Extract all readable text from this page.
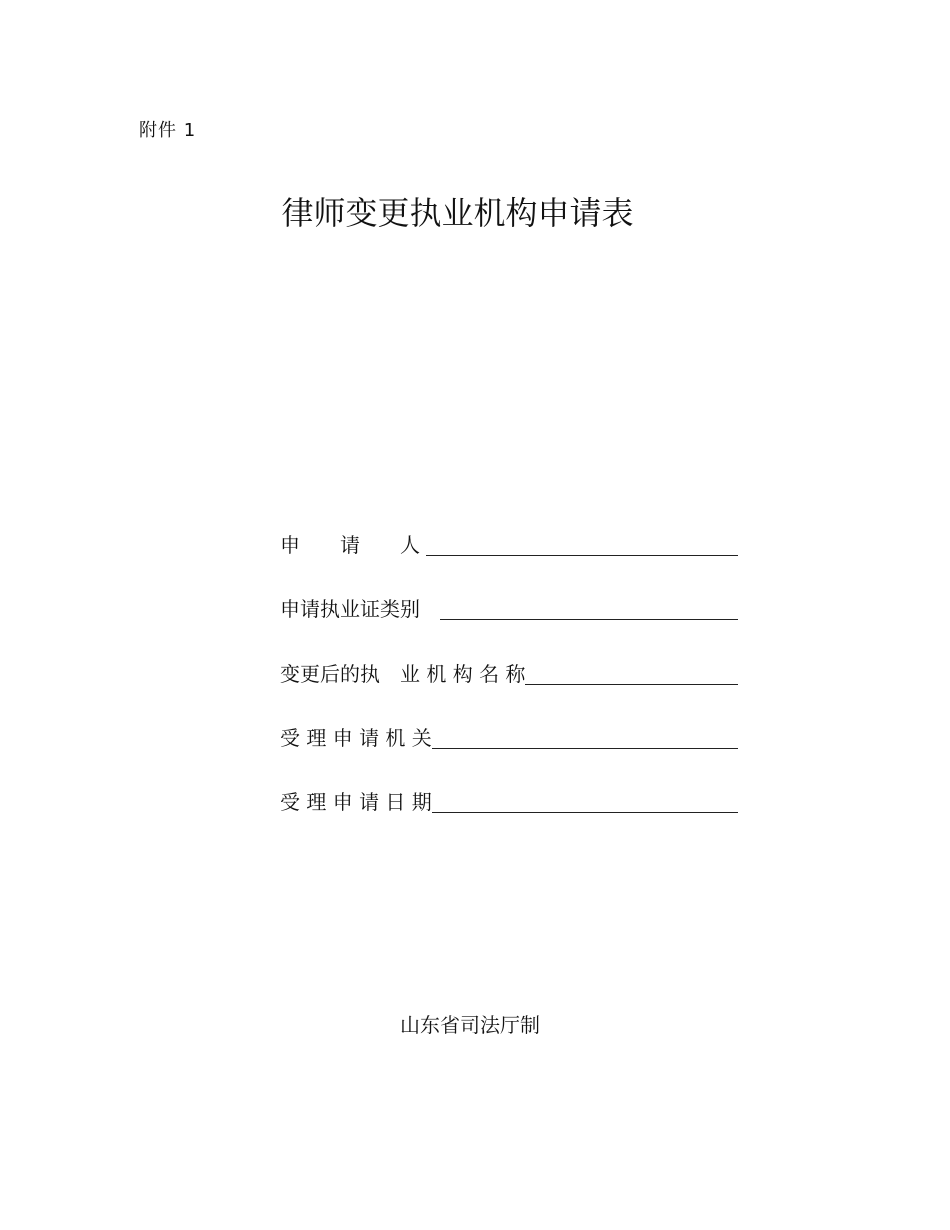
附件 1
律师变更执业机构申请表
申　　请　　人
申请执业证类别
变更后的执　业 机 构 名 称
受 理 申 请 机 关
受 理 申 请 日 期
山东省司法厅制
